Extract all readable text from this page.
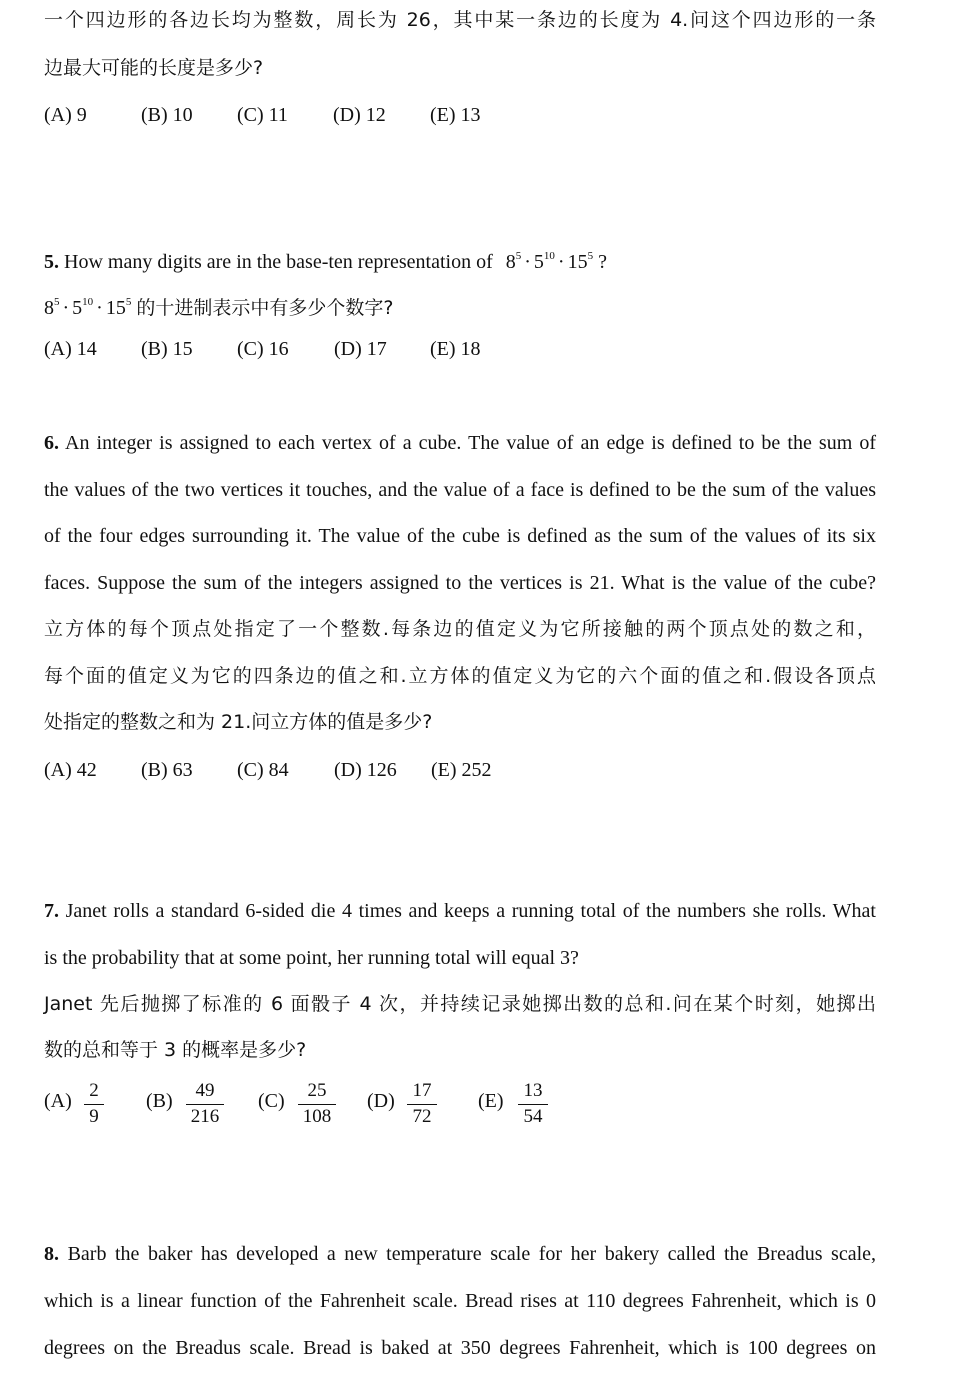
一个四边形的各边长均为整数，周长为 26，其中某一条边的长度为 4.问这个四边形的一条
边最大可能的长度是多少?
(A) 9	(B) 10 (C) 11 (D) 12 (E) 13
5. How many digits are in the base-ten representation of $8^5 \cdot 5^{10} \cdot 15^5$ ?
$8^5 \cdot 5^{10} \cdot 15^5$ 的十进制表示中有多少个数字?
(A) 14 (B) 15 (C) 16 (D) 17 (E) 18
6. An integer is assigned to each vertex of a cube. The value of an edge is defined to be the sum of
the values of the two vertices it touches, and the value of a face is defined to be the sum of the values
of the four edges surrounding it. The value of the cube is defined as the sum of the values of its six
faces. Suppose the sum of the integers assigned to the vertices is 21. What is the value of the cube?
立方体的每个顶点处指定了一个整数.每条边的值定义为它所接触的两个顶点处的数之和，
每个面的值定义为它的四条边的值之和.立方体的值定义为它的六个面的值之和.假设各顶点
处指定的整数之和为 21.问立方体的值是多少?
(A) 42 (B) 63 (C) 84 (D) 126 (E) 252
7. Janet rolls a standard 6-sided die 4 times and keeps a running total of the numbers she rolls. What
is the probability that at some point, her running total will equal 3?
Janet 先后抛掷了标准的 6 面骰子 4 次，并持续记录她掷出数的总和.问在某个时刻，她掷出
数的总和等于 3 的概率是多少?
$(A) \frac{2}{9} (B) \frac{49}{216} (C) \frac{25}{108} (D) \frac{17}{72} (E) \frac{13}{54}$
8. Barb the baker has developed a new temperature scale for her bakery called the Breadus scale,
which is a linear function of the Fahrenheit scale. Bread rises at 110 degrees Fahrenheit, which is 0
degrees on the Breadus scale. Bread is baked at 350 degrees Fahrenheit, which is 100 degrees on
